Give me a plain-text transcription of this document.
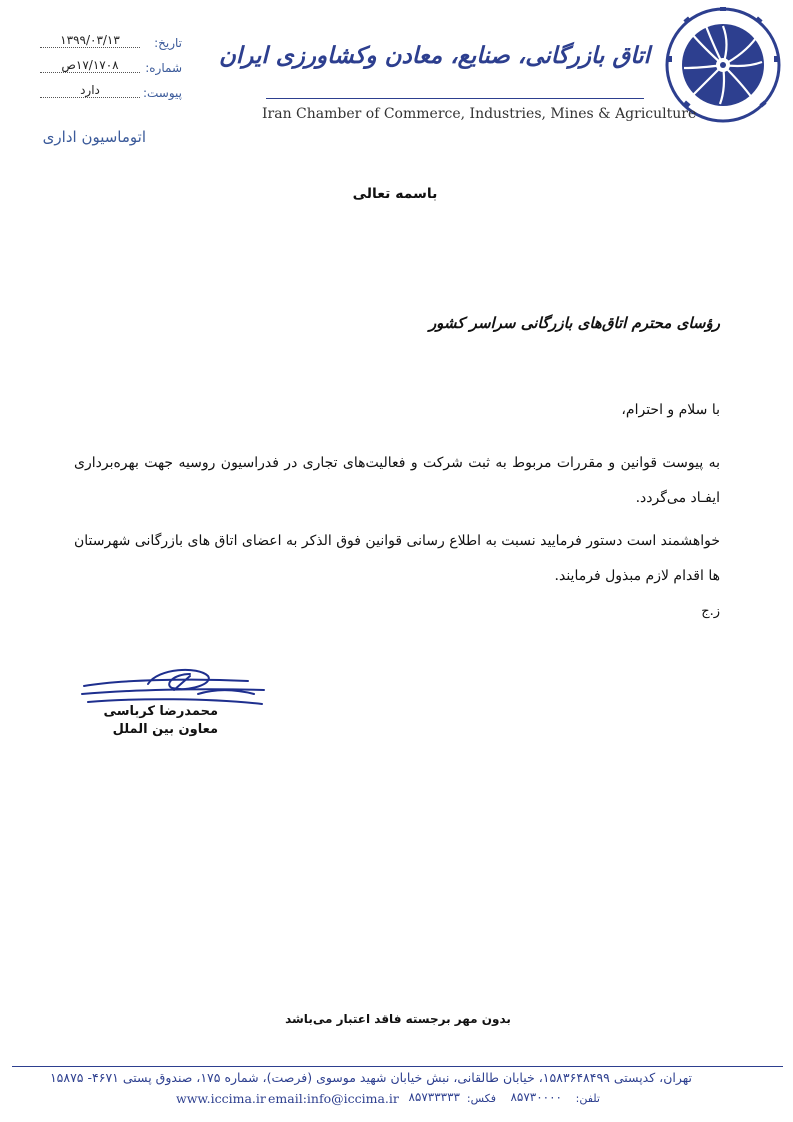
اتاق بازرگانی، صنایع، معادن وکشاورزی ایران
Iran Chamber of Commerce, Industries, Mines & Agriculture
تاریخ:
۱۳۹۹/۰۳/۱۳
شماره:
۱۷/۱۷۰۸ص
پیوست:
دارد
اتوماسیون اداری
باسمه تعالی
رؤسای محترم اتاق‌های بازرگانی سراسر کشور
با سلام و احترام،
به پیوست قوانین و مقررات مربوط به ثبت شرکت و فعالیت‌های تجاری در فدراسیون روسیه جهت بهره‌برداری ایفـاد می‌گردد.
خواهشمند است دستور فرمایید نسبت به اطلاع رسانی قوانین فوق الذکر به اعضای اتاق های بازرگانی شهرستان ها اقدام لازم مبذول فرمایند.
ز.ج
محمدرضا کرباسی
معاون بین الملل
بدون مهر برجسته فاقد اعتبار می‌باشد
تهران، کدپستی ۱۵۸۳۶۴۸۴۹۹، خیابان طالقانی، نبش خیابان شهید موسوی (فرصت)، شماره ۱۷۵، صندوق پستی ۴۶۷۱- ۱۵۸۷۵
تلفن:
۸۵۷۳۰۰۰۰
فکس:
۸۵۷۳۳۳۳۳
email:info@iccima.ir
www.iccima.ir
